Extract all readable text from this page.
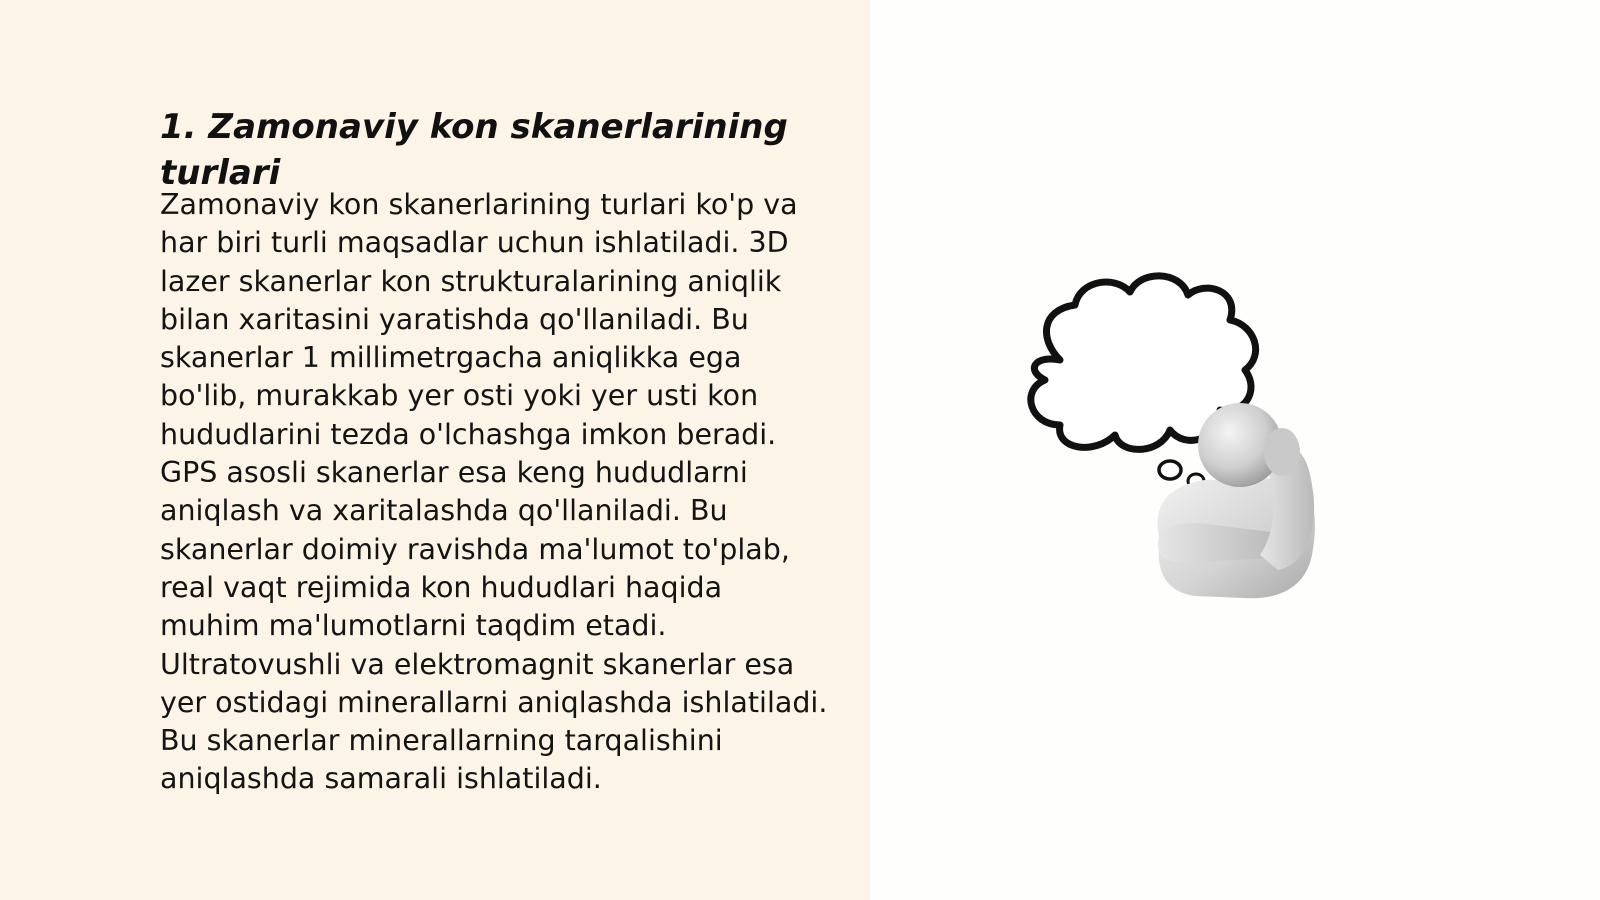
1. Zamonaviy kon skanerlarining turlari

Zamonaviy kon skanerlarining turlari ko'p va har biri turli maqsadlar uchun ishlatiladi. 3D lazer skanerlar kon strukturalarining aniqlik bilan xaritasini yaratishda qo'llaniladi. Bu skanerlar 1 millimetrgacha aniqlikka ega bo'lib, murakkab yer osti yoki yer usti kon hududlarini tezda o'lchashga imkon beradi. GPS asosli skanerlar esa keng hududlarni aniqlash va xaritalashda qo'llaniladi. Bu skanerlar doimiy ravishda ma'lumot to'plab, real vaqt rejimida kon hududlari haqida muhim ma'lumotlarni taqdim etadi. Ultratovushli va elektromagnit skanerlar esa yer ostidagi minerallarni aniqlashda ishlatiladi. Bu skanerlar minerallarning tarqalishini aniqlashda samarali ishlatiladi.
